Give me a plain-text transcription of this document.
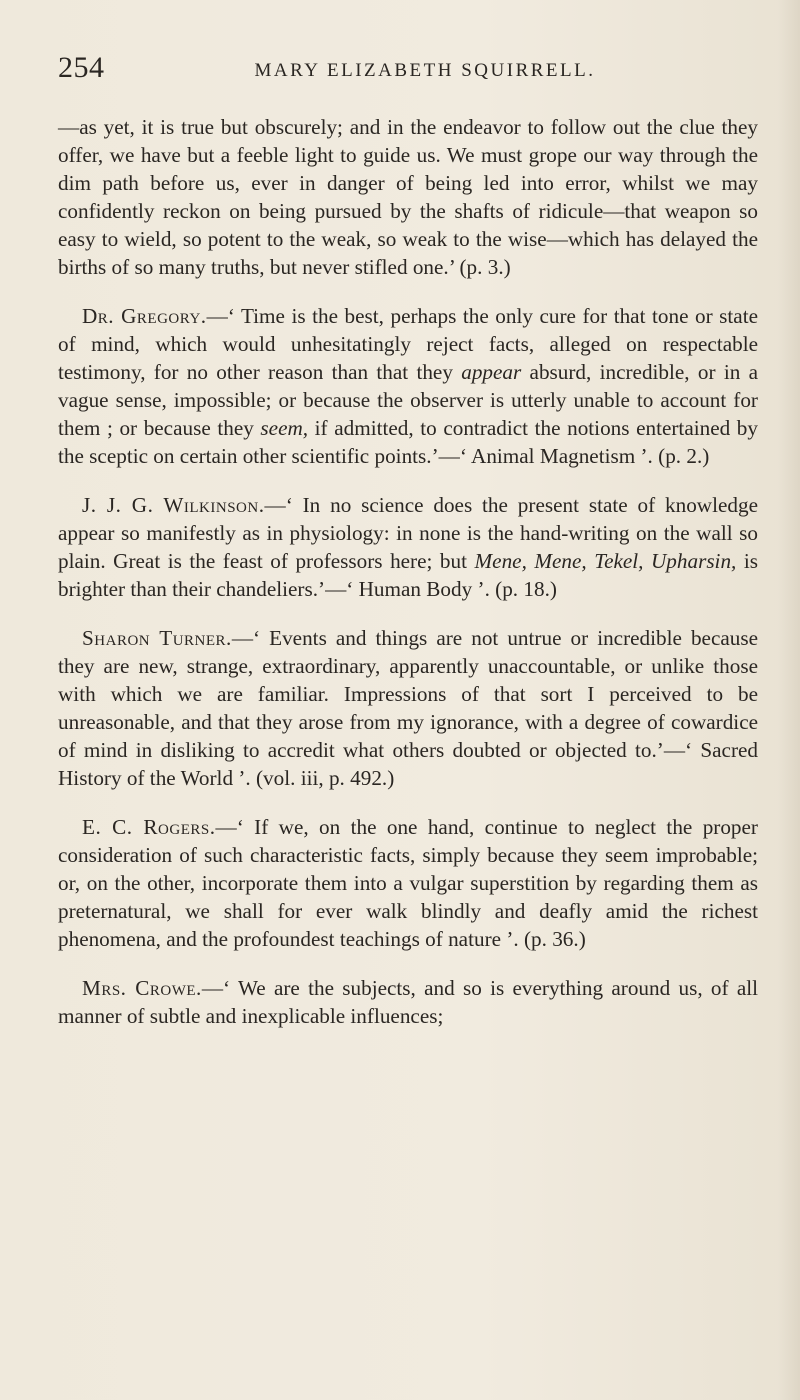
254	MARY ELIZABETH SQUIRRELL.

—as yet, it is true but obscurely; and in the endeavor to follow out the clue they offer, we have but a feeble light to guide us. We must grope our way through the dim path before us, ever in danger of being led into error, whilst we may confidently reckon on being pursued by the shafts of ridicule—that weapon so easy to wield, so potent to the weak, so weak to the wise—which has delayed the births of so many truths, but never stifled one.’ (p. 3.)

Dr. Gregory.—‘ Time is the best, perhaps the only cure for that tone or state of mind, which would unhesitatingly reject facts, alleged on respectable testimony, for no other reason than that they appear absurd, incredible, or in a vague sense, impossible; or because the observer is utterly unable to account for them ; or because they seem, if admitted, to contradict the notions entertained by the sceptic on certain other scientific points.’—‘ Animal Magnetism ’. (p. 2.)

J. J. G. Wilkinson.—‘ In no science does the present state of knowledge appear so manifestly as in physiology: in none is the hand-writing on the wall so plain. Great is the feast of professors here; but Mene, Mene, Tekel, Upharsin, is brighter than their chandeliers.’—‘ Human Body ’. (p. 18.)

Sharon Turner.—‘ Events and things are not untrue or incredible because they are new, strange, extraordinary, apparently unaccountable, or unlike those with which we are familiar. Impressions of that sort I perceived to be unreasonable, and that they arose from my ignorance, with a degree of cowardice of mind in disliking to accredit what others doubted or objected to.’—‘ Sacred History of the World ’. (vol. iii, p. 492.)

E. C. Rogers.—‘ If we, on the one hand, continue to neglect the proper consideration of such characteristic facts, simply because they seem improbable; or, on the other, incorporate them into a vulgar superstition by regarding them as preternatural, we shall for ever walk blindly and deafly amid the richest phenomena, and the profoundest teachings of nature ’. (p. 36.)

Mrs. Crowe.—‘ We are the subjects, and so is everything around us, of all manner of subtle and inexplicable influences;
